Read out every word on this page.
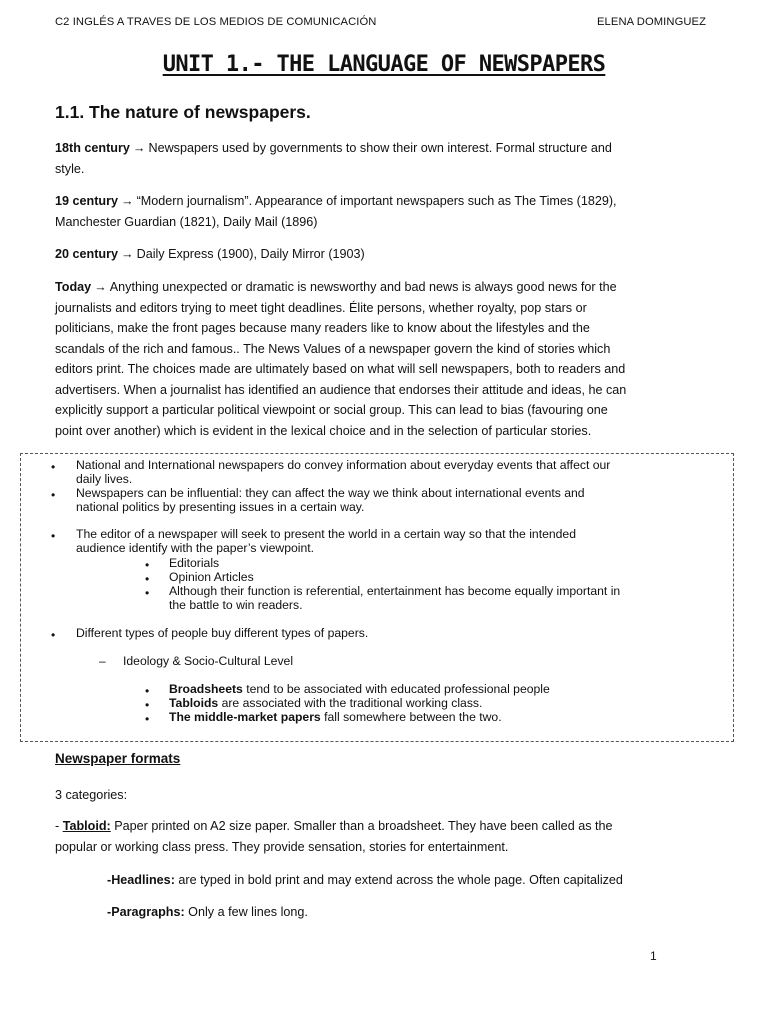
C2 INGLÉS A TRAVES DE LOS MEDIOS DE COMUNICACIÓN	ELENA DOMINGUEZ
UNIT 1.- THE LANGUAGE OF NEWSPAPERS
1.1. The nature of newspapers.

18th century → Newspapers used by governments to show their own interest. Formal structure and
style.

19 century → “Modern journalism”. Appearance of important newspapers such as The Times (1829),
Manchester Guardian (1821), Daily Mail (1896)

20 century → Daily Express (1900), Daily Mirror (1903)

Today → Anything unexpected or dramatic is newsworthy and bad news is always good news for the
journalists and editors trying to meet tight deadlines. Élite persons, whether royalty, pop stars or
politicians, make the front pages because many readers like to know about the lifestyles and the
scandals of the rich and famous.. The News Values of a newspaper govern the kind of stories which
editors print. The choices made are ultimately based on what will sell newspapers, both to readers and
advertisers. When a journalist has identified an audience that endorses their attitude and ideas, he can
explicitly support a particular political viewpoint or social group. This can lead to bias (favouring one
point over another) which is evident in the lexical choice and in the selection of particular stories.

• National and International newspapers do convey information about everyday events that affect our
daily lives.
• Newspapers can be influential: they can affect the way we think about international events and
national politics by presenting issues in a certain way.
• The editor of a newspaper will seek to present the world in a certain way so that the intended
audience identify with the paper’s viewpoint.
• Editorials
• Opinion Articles
• Although their function is referential, entertainment has become equally important in
the battle to win readers.
• Different types of people buy different types of papers.
– Ideology & Socio-Cultural Level
• Broadsheets tend to be associated with educated professional people
• Tabloids are associated with the traditional working class.
• The middle-market papers fall somewhere between the two.
Newspaper formats
3 categories:

- Tabloid: Paper printed on A2 size paper. Smaller than a broadsheet. They have been called as the
popular or working class press. They provide sensation, stories for entertainment.

-Headlines: are typed in bold print and may extend across the whole page. Often capitalized

-Paragraphs: Only a few lines long.

1
